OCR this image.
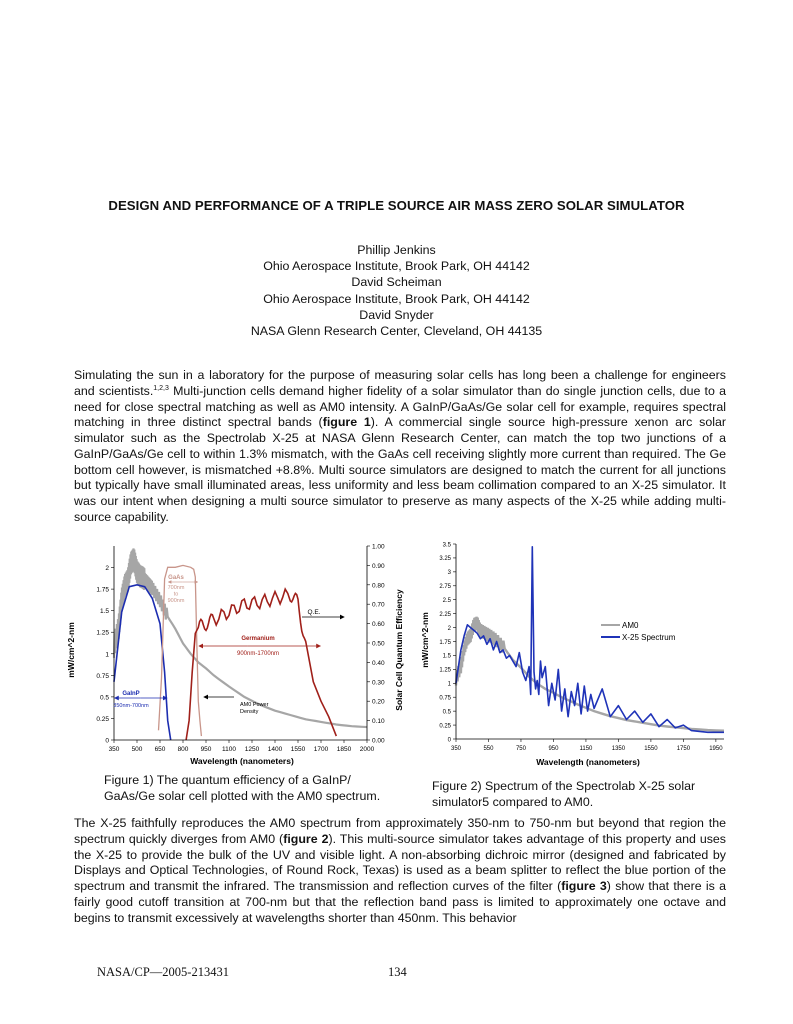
DESIGN AND PERFORMANCE OF A TRIPLE SOURCE AIR MASS ZERO SOLAR SIMULATOR
Phillip Jenkins
Ohio Aerospace Institute, Brook Park, OH 44142
David Scheiman
Ohio Aerospace Institute, Brook Park, OH 44142
David Snyder
NASA Glenn Research Center, Cleveland, OH 44135

Simulating the sun in a laboratory for the purpose of measuring solar cells has long been a challenge for engineers and scientists.$^{1,2,3}$ Multi-junction cells demand higher fidelity of a solar simulator than do single junction cells, due to a need for close spectral matching as well as AM0 intensity. A GaInP/GaAs/Ge solar cell for example, requires spectral matching in three distinct spectral bands (figure 1). A commercial single source high-pressure xenon arc solar simulator such as the Spectrolab X-25 at NASA Glenn Research Center, can match the top two junctions of a GaInP/GaAs/Ge cell to within 1.3% mismatch, with the GaAs cell receiving slightly more current than required. The Ge bottom cell however, is mismatched +8.8%. Multi source simulators are designed to match the current for all junctions but typically have small illuminated areas, less uniformity and less beam collimation compared to an X-25 simulator. It was our intent when designing a multi source simulator to preserve as many aspects of the X-25 while adding multi-source capability.

0
0.25
0.5
0.75
1
1.25
1.5
1.75
2
0.00
0.10
0.20
0.30
0.40
0.50
0.60
0.70
0.80
0.90
1.00
350 500 650 800 950 1100 1250 1400 1550 1700 1850 2000
Wavelength (nanometers)
mW/cm^2-nm	Solar Cell Quantum Efficiency
GaAs
700nm to 900nm
Germanium
900nm-1700nm
GaInP
350nm-700nm
Q.E.
AM0 Power Density
0
0.25
0.5
0.75
1
1.25
1.5
1.75
2
2.25
2.5
2.75
3
3.25
3.5
350	550	750	950	1150	1350	1550	1750	1950
Wavelength (nanometers)
mW/cm^2-nm	AM0
X-25 Spectrum

Figure 1) The quantum efficiency of a GaInP/ GaAs/Ge solar cell plotted with the AM0 spectrum.

Figure 2) Spectrum of the Spectrolab X-25 solar simulator5 compared to AM0.

The X-25 faithfully reproduces the AM0 spectrum from approximately 350-nm to 750-nm but beyond that region the spectrum quickly diverges from AM0 (figure 2). This multi-source simulator takes advantage of this property and uses the X-25 to provide the bulk of the UV and visible light. A non-absorbing dichroic mirror (designed and fabricated by Displays and Optical Technologies, of Round Rock, Texas) is used as a beam splitter to reflect the blue portion of the spectrum and transmit the infrared. The transmission and reflection curves of the filter (figure 3) show that there is a fairly good cutoff transition at 700-nm but that the reflection band pass is limited to approximately one octave and begins to transmit excessively at wavelengths shorter than 450nm. This behavior

NASA/CP—2005-213431	134
